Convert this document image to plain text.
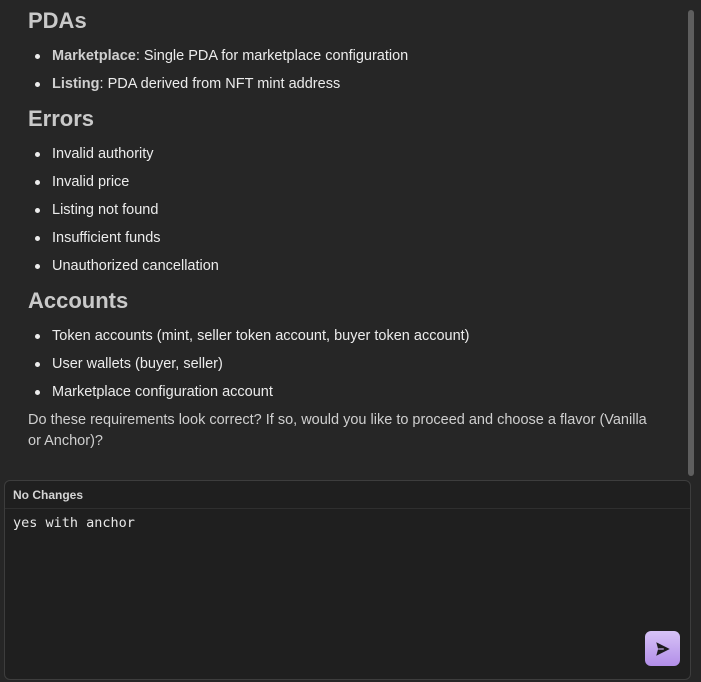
PDAs
Marketplace: Single PDA for marketplace configuration
Listing: PDA derived from NFT mint address
Errors
Invalid authority
Invalid price
Listing not found
Insufficient funds
Unauthorized cancellation
Accounts
Token accounts (mint, seller token account, buyer token account)
User wallets (buyer, seller)
Marketplace configuration account

Do these requirements look correct? If so, would you like to proceed and choose a flavor (Vanilla or Anchor)?

No Changes
yes with anchor
